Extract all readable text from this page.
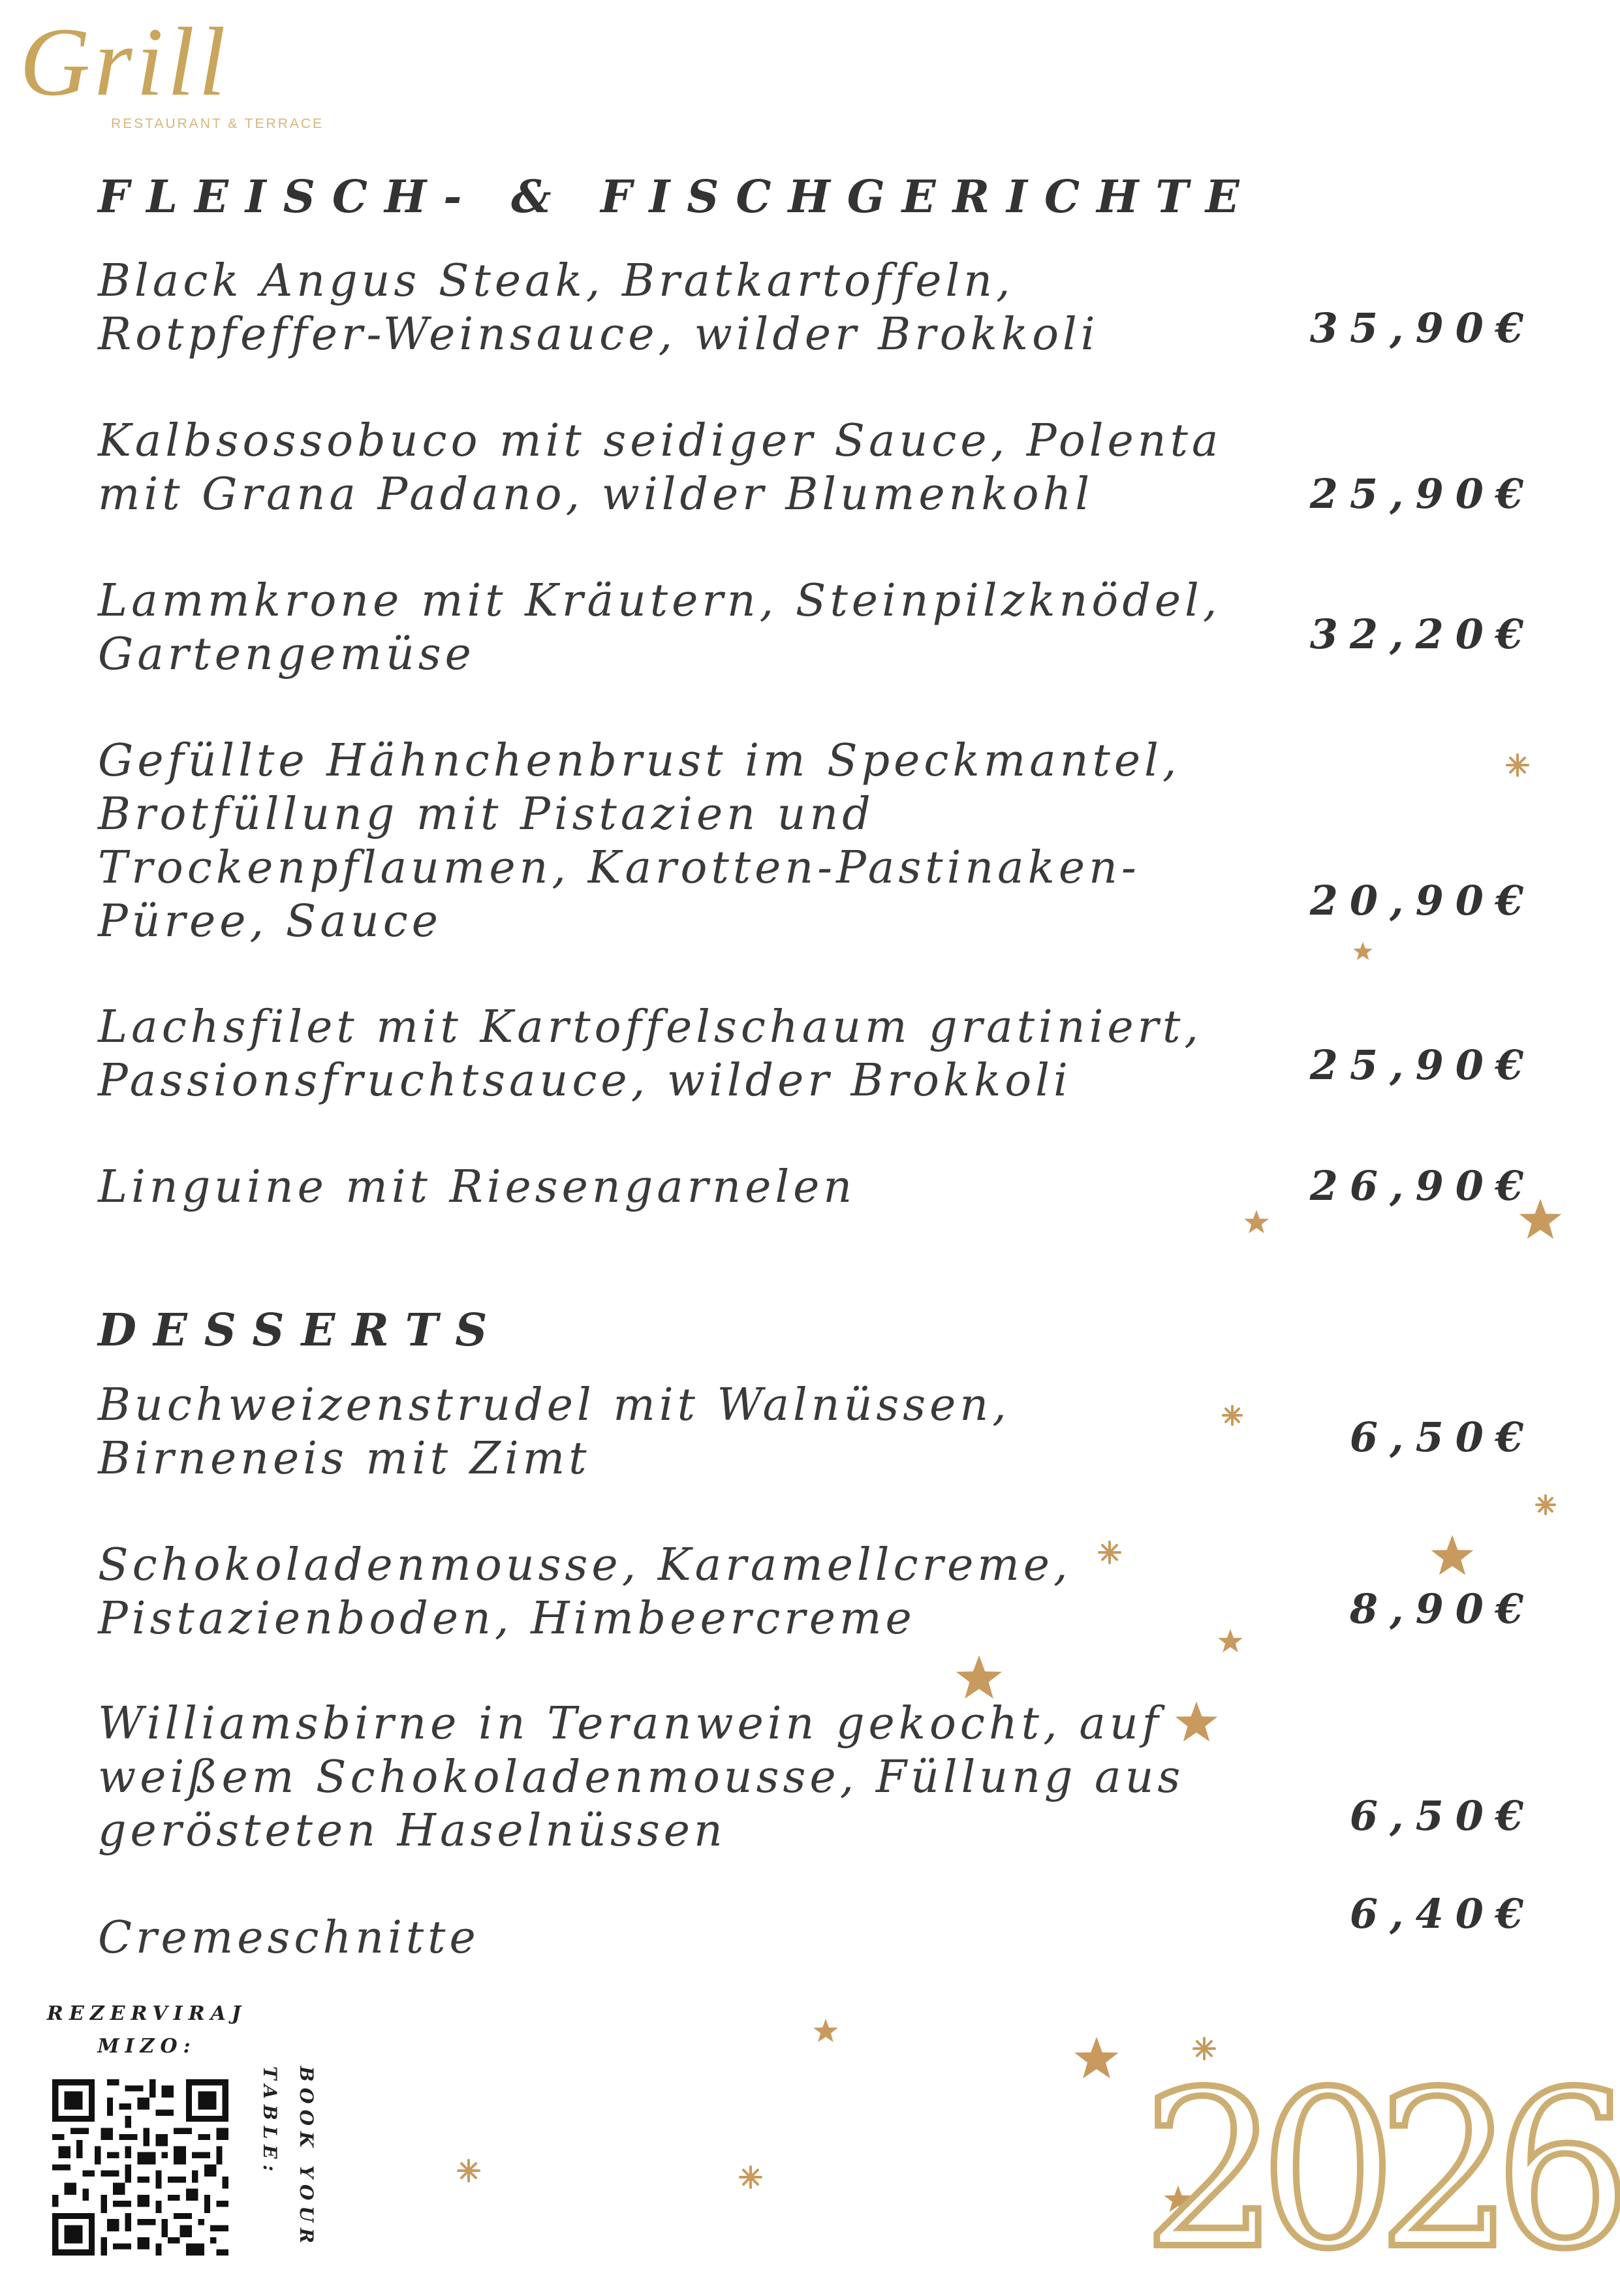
Grill
RESTAURANT & TERRACE
FLEISCH- & FISCHGERICHTE
Black Angus Steak, Bratkartoffeln, Rotpfeffer-Weinsauce, wilder Brokkoli	35,90€
Kalbsossobuco mit seidiger Sauce, Polenta mit Grana Padano, wilder Blumenkohl	25,90€
Lammkrone mit Kräutern, Steinpilzknödel, Gartengemüse	32,20€
Gefüllte Hähnchenbrust im Speckmantel, Brotfüllung mit Pistazien und Trockenpflaumen, Karotten-Pastinaken-Püree, Sauce	20,90€
Lachsfilet mit Kartoffelschaum gratiniert, Passionsfruchtsauce, wilder Brokkoli	25,90€
Linguine mit Riesengarnelen	26,90€
DESSERTS
Buchweizenstrudel mit Walnüssen, Birneneis mit Zimt	6,50€
Schokoladenmousse, Karamellcreme, Pistazienboden, Himbeercreme	8,90€
Williamsbirne in Teranwein gekocht, auf weißem Schokoladenmousse, Füllung aus gerösteten Haselnüssen	6,50€
Cremeschnitte	6,40€
REZERVIRAJ MIZO:
BOOK YOUR TABLE:	2026
